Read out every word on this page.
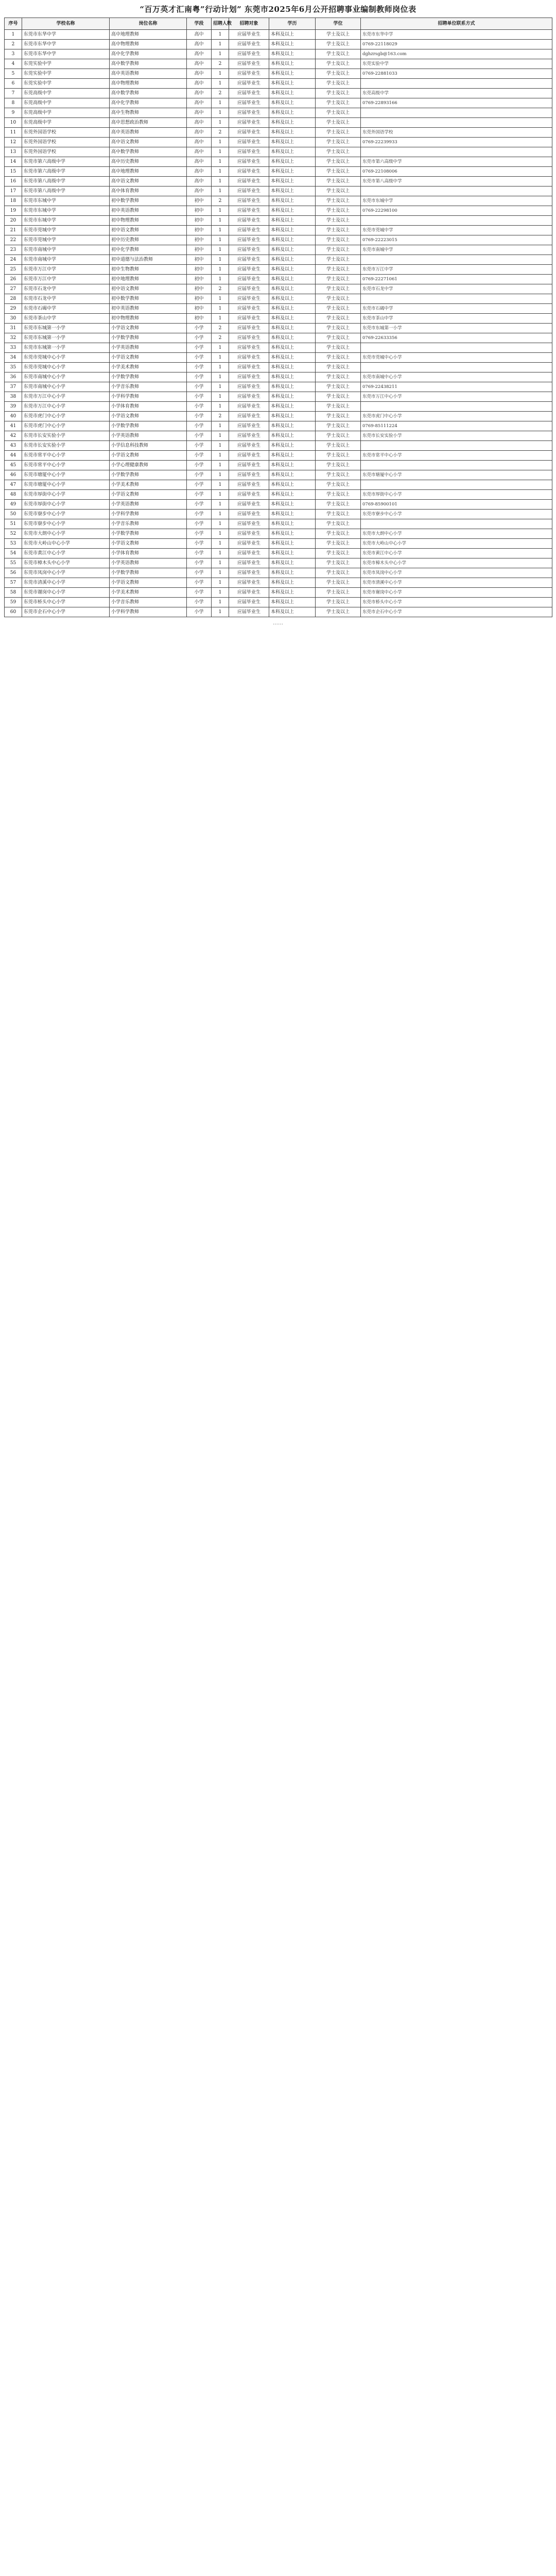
“百万英才汇南粤”行动计划” 东莞市2025年6月公开招聘事业编制教师岗位表
序号	学校名称	岗位名称	学段	招聘人数	招聘对象	学历	学位	招聘单位联系方式
1	东莞市东华中学	高中地理教师	高中	1	应届毕业生	本科及以上	学士及以上	东莞市东华中学
2	东莞市东华中学	高中物理教师	高中	1	应届毕业生	本科及以上	学士及以上	0769-22118029
3	东莞市东华中学	高中化学教师	高中	1	应届毕业生	本科及以上	学士及以上	dghzrsgb@163.com
4	东莞实验中学	高中数学教师	高中	2	应届毕业生	本科及以上	学士及以上	东莞实验中学
5	东莞实验中学	高中英语教师	高中	1	应届毕业生	本科及以上	学士及以上	0769-22881033
6	东莞实验中学	高中物理教师	高中	1	应届毕业生	本科及以上	学士及以上	
7	东莞高级中学	高中数学教师	高中	2	应届毕业生	本科及以上	学士及以上	东莞高级中学
8	东莞高级中学	高中化学教师	高中	1	应届毕业生	本科及以上	学士及以上	0769-22893166
9	东莞高级中学	高中生物教师	高中	1	应届毕业生	本科及以上	学士及以上	
10	东莞高级中学	高中思想政治教师	高中	1	应届毕业生	本科及以上	学士及以上	
11	东莞外国语学校	高中英语教师	高中	2	应届毕业生	本科及以上	学士及以上	东莞外国语学校
12	东莞外国语学校	高中语文教师	高中	1	应届毕业生	本科及以上	学士及以上	0769-22239933
13	东莞外国语学校	高中数学教师	高中	1	应届毕业生	本科及以上	学士及以上	
14	东莞市第六高级中学	高中历史教师	高中	1	应届毕业生	本科及以上	学士及以上	东莞市第六高级中学
15	东莞市第六高级中学	高中地理教师	高中	1	应届毕业生	本科及以上	学士及以上	0769-22108006
16	东莞市第八高级中学	高中语文教师	高中	1	应届毕业生	本科及以上	学士及以上	东莞市第八高级中学
17	东莞市第八高级中学	高中体育教师	高中	1	应届毕业生	本科及以上	学士及以上	
18	东莞市东城中学	初中数学教师	初中	2	应届毕业生	本科及以上	学士及以上	东莞市东城中学
19	东莞市东城中学	初中英语教师	初中	1	应届毕业生	本科及以上	学士及以上	0769-22298100
20	东莞市东城中学	初中物理教师	初中	1	应届毕业生	本科及以上	学士及以上	
21	东莞市莞城中学	初中语文教师	初中	1	应届毕业生	本科及以上	学士及以上	东莞市莞城中学
22	东莞市莞城中学	初中历史教师	初中	1	应届毕业生	本科及以上	学士及以上	0769-22223015
23	东莞市南城中学	初中化学教师	初中	1	应届毕业生	本科及以上	学士及以上	东莞市南城中学
24	东莞市南城中学	初中道德与法治教师	初中	1	应届毕业生	本科及以上	学士及以上	
25	东莞市万江中学	初中生物教师	初中	1	应届毕业生	本科及以上	学士及以上	东莞市万江中学
26	东莞市万江中学	初中地理教师	初中	1	应届毕业生	本科及以上	学士及以上	0769-22271061
27	东莞市石龙中学	初中语文教师	初中	2	应届毕业生	本科及以上	学士及以上	东莞市石龙中学
28	东莞市石龙中学	初中数学教师	初中	1	应届毕业生	本科及以上	学士及以上	
29	东莞市石碣中学	初中英语教师	初中	1	应届毕业生	本科及以上	学士及以上	东莞市石碣中学
30	东莞市茶山中学	初中物理教师	初中	1	应届毕业生	本科及以上	学士及以上	东莞市茶山中学
31	东莞市东城第一小学	小学语文教师	小学	2	应届毕业生	本科及以上	学士及以上	东莞市东城第一小学
32	东莞市东城第一小学	小学数学教师	小学	2	应届毕业生	本科及以上	学士及以上	0769-22633356
33	东莞市东城第一小学	小学英语教师	小学	1	应届毕业生	本科及以上	学士及以上	
34	东莞市莞城中心小学	小学语文教师	小学	1	应届毕业生	本科及以上	学士及以上	东莞市莞城中心小学
35	东莞市莞城中心小学	小学美术教师	小学	1	应届毕业生	本科及以上	学士及以上	
36	东莞市南城中心小学	小学数学教师	小学	1	应届毕业生	本科及以上	学士及以上	东莞市南城中心小学
37	东莞市南城中心小学	小学音乐教师	小学	1	应届毕业生	本科及以上	学士及以上	0769-22438211
38	东莞市万江中心小学	小学科学教师	小学	1	应届毕业生	本科及以上	学士及以上	东莞市万江中心小学
39	东莞市万江中心小学	小学体育教师	小学	1	应届毕业生	本科及以上	学士及以上	
40	东莞市虎门中心小学	小学语文教师	小学	2	应届毕业生	本科及以上	学士及以上	东莞市虎门中心小学
41	东莞市虎门中心小学	小学数学教师	小学	1	应届毕业生	本科及以上	学士及以上	0769-85111224
42	东莞市长安实验小学	小学英语教师	小学	1	应届毕业生	本科及以上	学士及以上	东莞市长安实验小学
43	东莞市长安实验小学	小学信息科技教师	小学	1	应届毕业生	本科及以上	学士及以上	
44	东莞市常平中心小学	小学语文教师	小学	1	应届毕业生	本科及以上	学士及以上	东莞市常平中心小学
45	东莞市常平中心小学	小学心理健康教师	小学	1	应届毕业生	本科及以上	学士及以上	
46	东莞市塘厦中心小学	小学数学教师	小学	1	应届毕业生	本科及以上	学士及以上	东莞市塘厦中心小学
47	东莞市塘厦中心小学	小学美术教师	小学	1	应届毕业生	本科及以上	学士及以上	
48	东莞市厚街中心小学	小学语文教师	小学	1	应届毕业生	本科及以上	学士及以上	东莞市厚街中心小学
49	东莞市厚街中心小学	小学英语教师	小学	1	应届毕业生	本科及以上	学士及以上	0769-85900101
50	东莞市寮步中心小学	小学科学教师	小学	1	应届毕业生	本科及以上	学士及以上	东莞市寮步中心小学
51	东莞市寮步中心小学	小学音乐教师	小学	1	应届毕业生	本科及以上	学士及以上	
52	东莞市大朗中心小学	小学数学教师	小学	1	应届毕业生	本科及以上	学士及以上	东莞市大朗中心小学
53	东莞市大岭山中心小学	小学语文教师	小学	1	应届毕业生	本科及以上	学士及以上	东莞市大岭山中心小学
54	东莞市黄江中心小学	小学体育教师	小学	1	应届毕业生	本科及以上	学士及以上	东莞市黄江中心小学
55	东莞市樟木头中心小学	小学英语教师	小学	1	应届毕业生	本科及以上	学士及以上	东莞市樟木头中心小学
56	东莞市凤岗中心小学	小学数学教师	小学	1	应届毕业生	本科及以上	学士及以上	东莞市凤岗中心小学
57	东莞市清溪中心小学	小学语文教师	小学	1	应届毕业生	本科及以上	学士及以上	东莞市清溪中心小学
58	东莞市谢岗中心小学	小学美术教师	小学	1	应届毕业生	本科及以上	学士及以上	东莞市谢岗中心小学
59	东莞市桥头中心小学	小学音乐教师	小学	1	应届毕业生	本科及以上	学士及以上	东莞市桥头中心小学
60	东莞市企石中心小学	小学科学教师	小学	1	应届毕业生	本科及以上	学士及以上	东莞市企石中心小学
……
